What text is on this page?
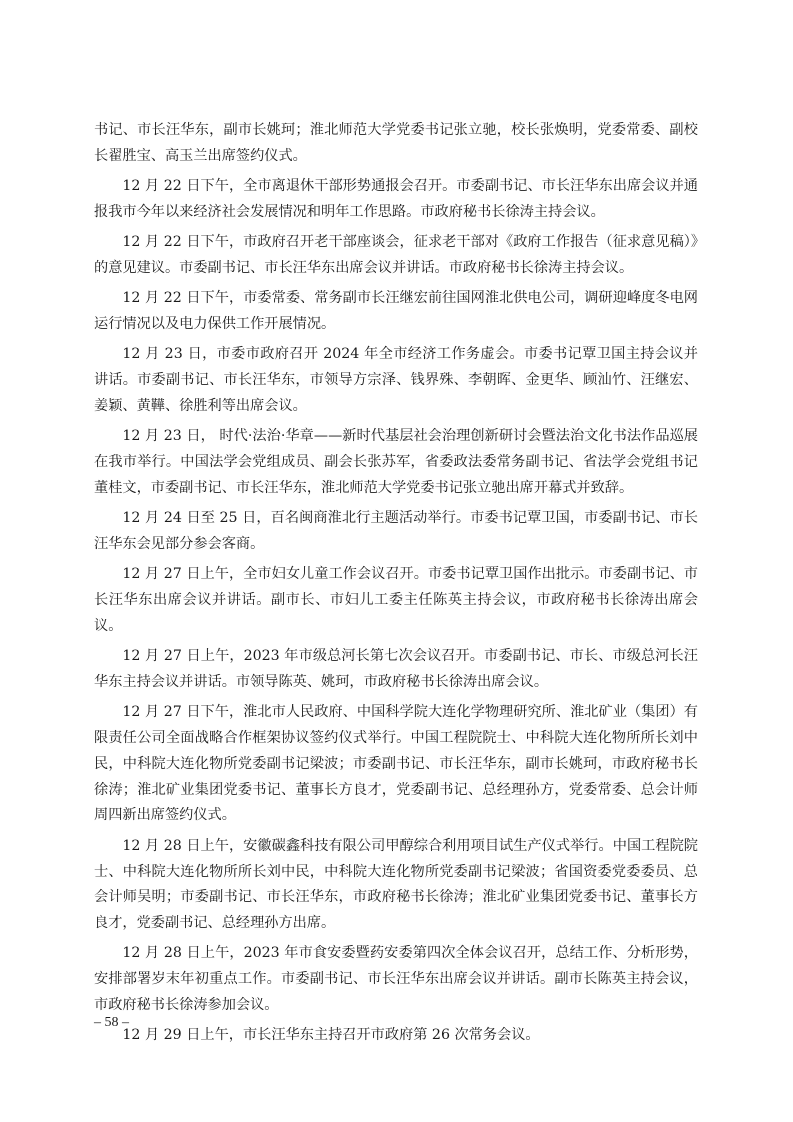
书记、市长汪华东，副市长姚珂；淮北师范大学党委书记张立驰，校长张焕明，党委常委、副校长翟胜宝、高玉兰出席签约仪式。

12 月 22 日下午，全市离退休干部形势通报会召开。市委副书记、市长汪华东出席会议并通报我市今年以来经济社会发展情况和明年工作思路。市政府秘书长徐涛主持会议。

12 月 22 日下午，市政府召开老干部座谈会，征求老干部对《政府工作报告（征求意见稿）》的意见建议。市委副书记、市长汪华东出席会议并讲话。市政府秘书长徐涛主持会议。

12 月 22 日下午，市委常委、常务副市长汪继宏前往国网淮北供电公司，调研迎峰度冬电网运行情况以及电力保供工作开展情况。

12 月 23 日，市委市政府召开 2024 年全市经济工作务虚会。市委书记覃卫国主持会议并讲话。市委副书记、市长汪华东，市领导方宗泽、钱界殊、李朝晖、金更华、顾汕竹、汪继宏、姜颖、黄鞾、徐胜利等出席会议。

12 月 23 日， 时代·法治·华章——新时代基层社会治理创新研讨会暨法治文化书法作品巡展在我市举行。中国法学会党组成员、副会长张苏军，省委政法委常务副书记、省法学会党组书记董桂文，市委副书记、市长汪华东，淮北师范大学党委书记张立驰出席开幕式并致辞。

12 月 24 日至 25 日，百名闽商淮北行主题活动举行。市委书记覃卫国，市委副书记、市长汪华东会见部分参会客商。

12 月 27 日上午，全市妇女儿童工作会议召开。市委书记覃卫国作出批示。市委副书记、市长汪华东出席会议并讲话。副市长、市妇儿工委主任陈英主持会议，市政府秘书长徐涛出席会议。

12 月 27 日上午，2023 年市级总河长第七次会议召开。市委副书记、市长、市级总河长汪华东主持会议并讲话。市领导陈英、姚珂，市政府秘书长徐涛出席会议。

12 月 27 日下午，淮北市人民政府、中国科学院大连化学物理研究所、淮北矿业（集团）有限责任公司全面战略合作框架协议签约仪式举行。中国工程院院士、中科院大连化物所所长刘中民，中科院大连化物所党委副书记梁波；市委副书记、市长汪华东，副市长姚珂，市政府秘书长徐涛；淮北矿业集团党委书记、董事长方良才，党委副书记、总经理孙方，党委常委、总会计师周四新出席签约仪式。

12 月 28 日上午，安徽碳鑫科技有限公司甲醇综合利用项目试生产仪式举行。中国工程院院士、中科院大连化物所所长刘中民，中科院大连化物所党委副书记梁波；省国资委党委委员、总会计师吴明；市委副书记、市长汪华东，市政府秘书长徐涛；淮北矿业集团党委书记、董事长方良才，党委副书记、总经理孙方出席。

12 月 28 日上午，2023 年市食安委暨药安委第四次全体会议召开，总结工作、分析形势，安排部署岁末年初重点工作。市委副书记、市长汪华东出席会议并讲话。副市长陈英主持会议，市政府秘书长徐涛参加会议。

12 月 29 日上午，市长汪华东主持召开市政府第 26 次常务会议。

– 58 –
